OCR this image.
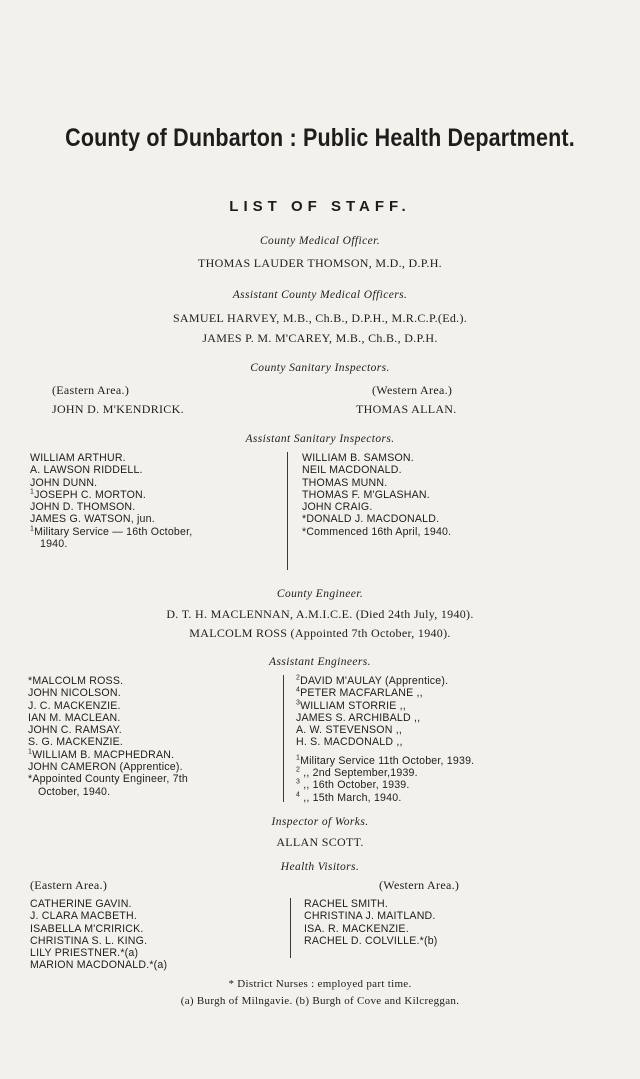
County of Dunbarton : Public Health Department.
LIST OF STAFF.
County Medical Officer.
THOMAS LAUDER THOMSON, M.D., D.P.H.
Assistant County Medical Officers.
SAMUEL HARVEY, M.B., Ch.B., D.P.H., M.R.C.P.(Ed.).
JAMES P. M. M'CAREY, M.B., Ch.B., D.P.H.
County Sanitary Inspectors.
(Eastern Area.)	(Western Area.)
JOHN D. M'KENDRICK.	THOMAS ALLAN.
Assistant Sanitary Inspectors.
WILLIAM ARTHUR.
A. LAWSON RIDDELL.
JOHN DUNN.
$^1$JOSEPH C. MORTON.
JOHN D. THOMSON.
JAMES G. WATSON, jun.
$^1$Military Service — 16th October,
1940.
WILLIAM B. SAMSON.
NEIL MACDONALD.
THOMAS MUNN.
THOMAS F. M'GLASHAN.
JOHN CRAIG.
*DONALD J. MACDONALD.
*Commenced 16th April, 1940.
County Engineer.
D. T. H. MACLENNAN, A.M.I.C.E. (Died 24th July, 1940).
MALCOLM ROSS (Appointed 7th October, 1940).
Assistant Engineers.
*MALCOLM ROSS.
JOHN NICOLSON.
J. C. MACKENZIE.
IAN M. MACLEAN.
JOHN C. RAMSAY.
S. G. MACKENZIE.
$^1$WILLIAM B. MACPHEDRAN.
JOHN CAMERON (Apprentice).
*Appointed County Engineer, 7th
October, 1940.
$^2$DAVID M'AULAY (Apprentice).
$^4$PETER MACFARLANE ,,
$^3$WILLIAM STORRIE ,,
JAMES S. ARCHIBALD ,,
A. W. STEVENSON ,,
H. S. MACDONALD ,,
$^1$Military Service 11th October, 1939.
$^2$ ,, 2nd September,1939.
$^3$ ,, 16th October, 1939.
$^4$ ,, 15th March, 1940.
Inspector of Works.
ALLAN SCOTT.
Health Visitors.
(Eastern Area.)	(Western Area.)
CATHERINE GAVIN.
J. CLARA MACBETH.
ISABELLA M'CRIRICK.
CHRISTINA S. L. KING.
LILY PRIESTNER.*(a)
MARION MACDONALD.*(a)
RACHEL SMITH.
CHRISTINA J. MAITLAND.
ISA. R. MACKENZIE.
RACHEL D. COLVILLE.*(b)
* District Nurses : employed part time.
(a) Burgh of Milngavie. (b) Burgh of Cove and Kilcreggan.
